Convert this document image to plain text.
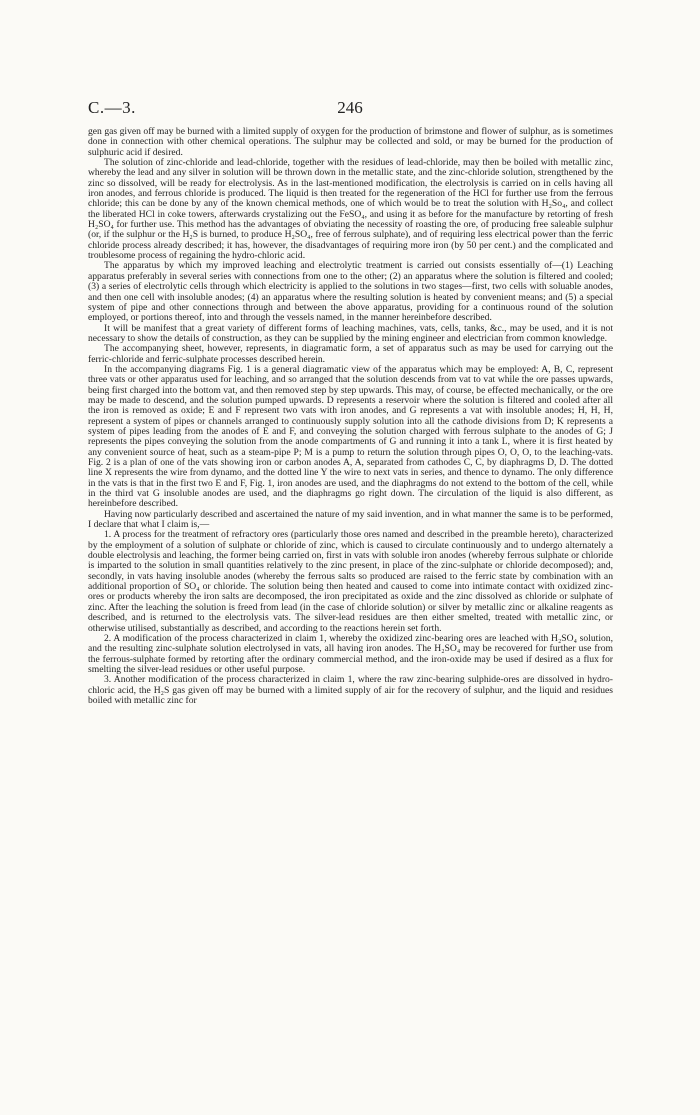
C.—3.	246

gen gas given off may be burned with a limited supply of oxygen for the production of brimstone and flower of sulphur, as is sometimes done in connection with other chemical operations. The sulphur may be collected and sold, or may be burned for the production of sulphuric acid if desired.

The solution of zinc-chloride and lead-chloride, together with the residues of lead-chloride, may then be boiled with metallic zinc, whereby the lead and any silver in solution will be thrown down in the metallic state, and the zinc-chloride solution, strengthened by the zinc so dissolved, will be ready for electrolysis. As in the last-mentioned modification, the electrolysis is carried on in cells having all iron anodes, and ferrous chloride is produced. The liquid is then treated for the regeneration of the HCl for further use from the ferrous chloride; this can be done by any of the known chemical methods, one of which would be to treat the solution with H₂So₄, and collect the liberated HCl in coke towers, afterwards crystalizing out the FeSO₄, and using it as before for the manufacture by retorting of fresh H₂SO₄ for further use. This method has the advantages of obviating the necessity of roasting the ore, of producing free saleable sulphur (or, if the sulphur or the H₂S is burned, to produce H₂SO₄, free of ferrous sulphate), and of requiring less electrical power than the ferric chloride process already described; it has, however, the disadvantages of requiring more iron (by 50 per cent.) and the complicated and troublesome process of regaining the hydro-chloric acid.

The apparatus by which my improved leaching and electrolytic treatment is carried out consists essentially of—(1) Leaching apparatus preferably in several series with connections from one to the other; (2) an apparatus where the solution is filtered and cooled; (3) a series of electrolytic cells through which electricity is applied to the solutions in two stages—first, two cells with soluable anodes, and then one cell with insoluble anodes; (4) an apparatus where the resulting solution is heated by convenient means; and (5) a special system of pipe and other connections through and between the above apparatus, providing for a continuous round of the solution employed, or portions thereof, into and through the vessels named, in the manner hereinbefore described.

It will be manifest that a great variety of different forms of leaching machines, vats, cells, tanks, &c., may be used, and it is not necessary to show the details of construction, as they can be supplied by the mining engineer and electrician from common knowledge.

The accompanying sheet, however, represents, in diagramatic form, a set of apparatus such as may be used for carrying out the ferric-chloride and ferric-sulphate processes described herein.

In the accompanying diagrams Fig. 1 is a general diagramatic view of the apparatus which may be employed: A, B, C, represent three vats or other apparatus used for leaching, and so arranged that the solution descends from vat to vat while the ore passes upwards, being first charged into the bottom vat, and then removed step by step upwards. This may, of course, be effected mechanically, or the ore may be made to descend, and the solution pumped upwards. D represents a reservoir where the solution is filtered and cooled after all the iron is removed as oxide; E and F represent two vats with iron anodes, and G represents a vat with insoluble anodes; H, H, H, represent a system of pipes or channels arranged to continuously supply solution into all the cathode divisions from D; K represents a system of pipes leading from the anodes of E and F, and conveying the solution charged with ferrous sulphate to the anodes of G; J represents the pipes conveying the solution from the anode compartments of G and running it into a tank L, where it is first heated by any convenient source of heat, such as a steam-pipe P; M is a pump to return the solution through pipes O, O, O, to the leaching-vats. Fig. 2 is a plan of one of the vats showing iron or carbon anodes A, A, separated from cathodes C, C, by diaphragms D, D. The dotted line X represents the wire from dynamo, and the dotted line Y the wire to next vats in series, and thence to dynamo. The only difference in the vats is that in the first two E and F, Fig. 1, iron anodes are used, and the diaphragms do not extend to the bottom of the cell, while in the third vat G insoluble anodes are used, and the diaphragms go right down. The circulation of the liquid is also different, as hereinbefore described.

Having now particularly described and ascertained the nature of my said invention, and in what manner the same is to be performed, I declare that what I claim is,—

1. A process for the treatment of refractory ores (particularly those ores named and described in the preamble hereto), characterized by the employment of a solution of sulphate or chloride of zinc, which is caused to circulate continuously and to undergo alternately a double electrolysis and leaching, the former being carried on, first in vats with soluble iron anodes (whereby ferrous sulphate or chloride is imparted to the solution in small quantities relatively to the zinc present, in place of the zinc-sulphate or chloride decomposed); and, secondly, in vats having insoluble anodes (whereby the ferrous salts so produced are raised to the ferric state by combination with an additional proportion of SO₄ or chloride. The solution being then heated and caused to come into intimate contact with oxidized zinc-ores or products whereby the iron salts are decomposed, the iron precipitated as oxide and the zinc dissolved as chloride or sulphate of zinc. After the leaching the solution is freed from lead (in the case of chloride solution) or silver by metallic zinc or alkaline reagents as described, and is returned to the electrolysis vats. The silver-lead residues are then either smelted, treated with metallic zinc, or otherwise utilised, substantially as described, and according to the reactions herein set forth.

2. A modification of the process characterized in claim 1, whereby the oxidized zinc-bearing ores are leached with H₂SO₄ solution, and the resulting zinc-sulphate solution electrolysed in vats, all having iron anodes. The H₂SO₄ may be recovered for further use from the ferrous-sulphate formed by retorting after the ordinary commercial method, and the iron-oxide may be used if desired as a flux for smelting the silver-lead residues or other useful purpose.

3. Another modification of the process characterized in claim 1, where the raw zinc-bearing sulphide-ores are dissolved in hydro-chloric acid, the H₂S gas given off may be burned with a limited supply of air for the recovery of sulphur, and the liquid and residues boiled with metallic zinc for
